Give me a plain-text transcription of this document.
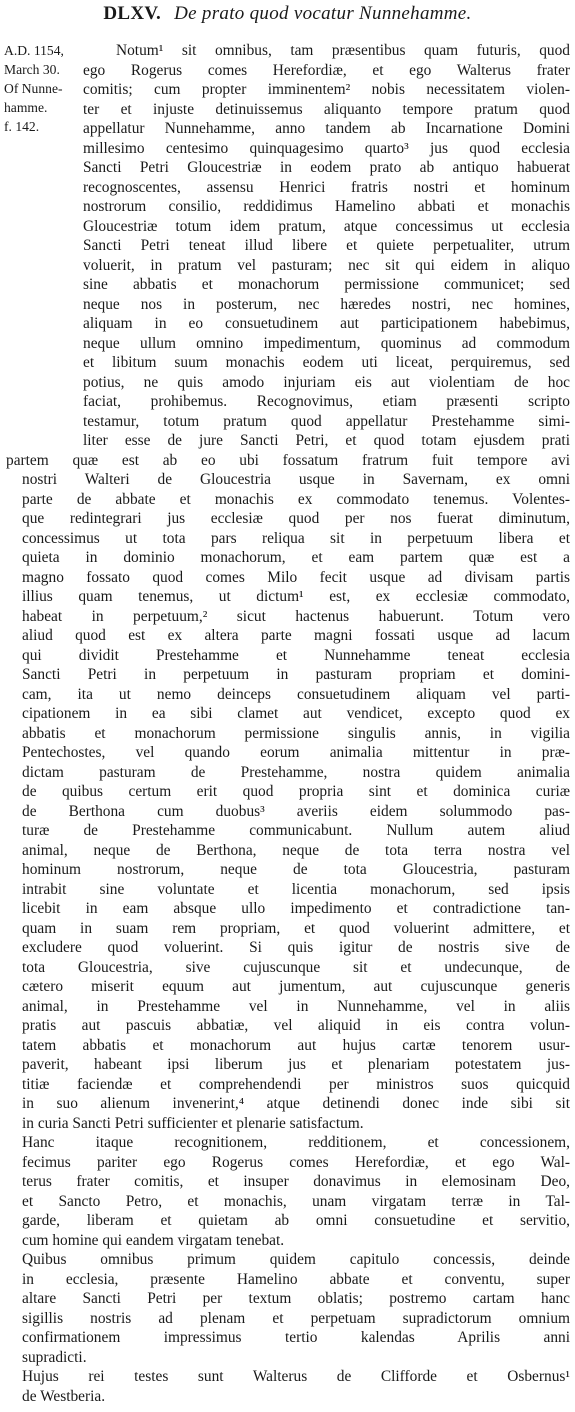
DLXV. De prato quod vocatur Nunnehamme.
A.D. 1154,
March 30.
Of Nunne-
hamme.
f. 142.
Notum¹ sit omnibus, tam præsentibus quam futuris, quod
ego Rogerus comes Herefordiæ, et ego Walterus frater
comitis; cum propter imminentem² nobis necessitatem violen-
ter et injuste detinuissemus aliquanto tempore pratum quod
appellatur Nunnehamme, anno tandem ab Incarnatione Domini
millesimo centesimo quinquagesimo quarto³ jus quod ecclesia
Sancti Petri Gloucestriæ in eodem prato ab antiquo habuerat
recognoscentes, assensu Henrici fratris nostri et hominum
nostrorum consilio, reddidimus Hamelino abbati et monachis
Gloucestriæ totum idem pratum, atque concessimus ut ecclesia
Sancti Petri teneat illud libere et quiete perpetualiter, utrum
voluerit, in pratum vel pasturam; nec sit qui eidem in aliquo
sine abbatis et monachorum permissione communicet; sed
neque nos in posterum, nec hæredes nostri, nec homines,
aliquam in eo consuetudinem aut participationem habebimus,
neque ullum omnino impedimentum, quominus ad commodum
et libitum suum monachis eodem uti liceat, perquiremus, sed
potius, ne quis amodo injuriam eis aut violentiam de hoc
faciat, prohibemus. Recognovimus, etiam præsenti scripto
testamur, totum pratum quod appellatur Prestehamme simi-
liter esse de jure Sancti Petri, et quod totam ejusdem prati
partem quæ est ab eo ubi fossatum fratrum fuit tempore avi
nostri Walteri de Gloucestria usque in Savernam, ex omni
parte de abbate et monachis ex commodato tenemus. Volentes-
que redintegrari jus ecclesiæ quod per nos fuerat diminutum,
concessimus ut tota pars reliqua sit in perpetuum libera et
quieta in dominio monachorum, et eam partem quæ est a
magno fossato quod comes Milo fecit usque ad divisam partis
illius quam tenemus, ut dictum¹ est, ex ecclesiæ commodato,
habeat in perpetuum,² sicut hactenus habuerunt. Totum vero
aliud quod est ex altera parte magni fossati usque ad lacum
qui dividit Prestehamme et Nunnehamme teneat ecclesia
Sancti Petri in perpetuum in pasturam propriam et domini-
cam, ita ut nemo deinceps consuetudinem aliquam vel parti-
cipationem in ea sibi clamet aut vendicet, excepto quod ex
abbatis et monachorum permissione singulis annis, in vigilia
Pentechostes, vel quando eorum animalia mittentur in præ-
dictam pasturam de Prestehamme, nostra quidem animalia
de quibus certum erit quod propria sint et dominica curiæ
de Berthona cum duobus³ averiis eidem solummodo pas-
turæ de Prestehamme communicabunt. Nullum autem aliud
animal, neque de Berthona, neque de tota terra nostra vel
hominum nostrorum, neque de tota Gloucestria, pasturam
intrabit sine voluntate et licentia monachorum, sed ipsis
licebit in eam absque ullo impedimento et contradictione tan-
quam in suam rem propriam, et quod voluerint admittere, et
excludere quod voluerint. Si quis igitur de nostris sive de
tota Gloucestria, sive cujuscunque sit et undecunque, de
cætero miserit equum aut jumentum, aut cujuscunque generis
animal, in Prestehamme vel in Nunnehamme, vel in aliis
pratis aut pascuis abbatiæ, vel aliquid in eis contra volun-
tatem abbatis et monachorum aut hujus cartæ tenorem usur-
paverit, habeant ipsi liberum jus et plenariam potestatem jus-
titiæ faciendæ et comprehendendi per ministros suos quicquid
in suo alienum invenerint,⁴ atque detinendi donec inde sibi sit
in curia Sancti Petri sufficienter et plenarie satisfactum.
Hanc itaque recognitionem, redditionem, et concessionem,
fecimus pariter ego Rogerus comes Herefordiæ, et ego Wal-
terus frater comitis, et insuper donavimus in elemosinam Deo,
et Sancto Petro, et monachis, unam virgatam terræ in Tal-
garde, liberam et quietam ab omni consuetudine et servitio,
cum homine qui eandem virgatam tenebat.
Quibus omnibus primum quidem capitulo concessis, deinde
in ecclesia, præsente Hamelino abbate et conventu, super
altare Sancti Petri per textum oblatis; postremo cartam hanc
sigillis nostris ad plenam et perpetuam supradictorum omnium
confirmationem impressimus tertio kalendas Aprilis anni
supradicti.
Hujus rei testes sunt Walterus de Clifforde et Osbernus¹
de Westberia.
